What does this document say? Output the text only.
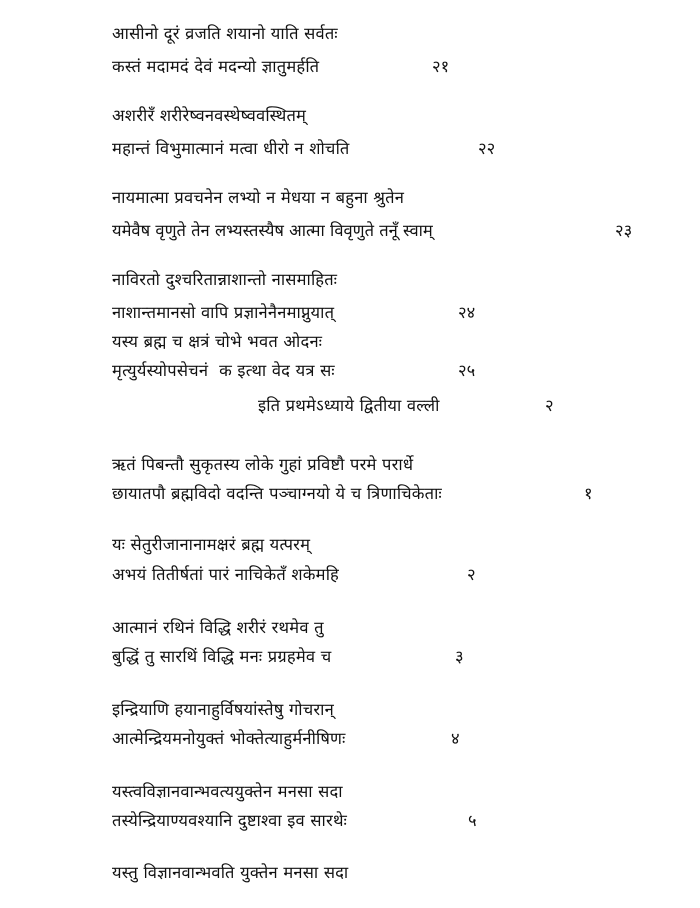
आसीनो दूरं व्रजति शयानो याति सर्वतः
कस्तं मदामदं देवं मदन्यो ज्ञातुमर्हति	२१
अशरीरँ शरीरेष्वनवस्थेष्ववस्थितम्
महान्तं विभुमात्मानं मत्वा धीरो न शोचति	२२
नायमात्मा प्रवचनेन लभ्यो न मेधया न बहुना श्रुतेन
यमेवैष वृणुते तेन लभ्यस्तस्यैष आत्मा विवृणुते तनूँ स्वाम्	२३
नाविरतो दुश्चरितान्नाशान्तो नासमाहितः
नाशान्तमानसो वापि प्रज्ञानेनैनमाप्नुयात्	२४
यस्य ब्रह्म च क्षत्रं चोभे भवत ओदनः
मृत्युर्यस्योपसेचनं  क इत्था वेद यत्र सः	२५
इति प्रथमेऽध्याये द्वितीया वल्ली	२
ऋतं पिबन्तौ सुकृतस्य लोके गुहां प्रविष्टौ परमे परार्धे
छायातपौ ब्रह्मविदो वदन्ति पञ्चाग्नयो ये च त्रिणाचिकेताः	१
यः सेतुरीजानानामक्षरं ब्रह्म यत्परम्
अभयं तितीर्षतां पारं नाचिकेतँ शकेमहि	२
आत्मानं रथिनं विद्धि शरीरं रथमेव तु
बुद्धिं तु सारथिं विद्धि मनः प्रग्रहमेव च	३
इन्द्रियाणि हयानाहुर्विषयांस्तेषु गोचरान्
आत्मेन्द्रियमनोयुक्तं भोक्तेत्याहुर्मनीषिणः	४
यस्त्वविज्ञानवान्भवत्ययुक्तेन मनसा सदा
तस्येन्द्रियाण्यवश्यानि दुष्टाश्वा इव सारथेः	५
यस्तु विज्ञानवान्भवति युक्तेन मनसा सदा
